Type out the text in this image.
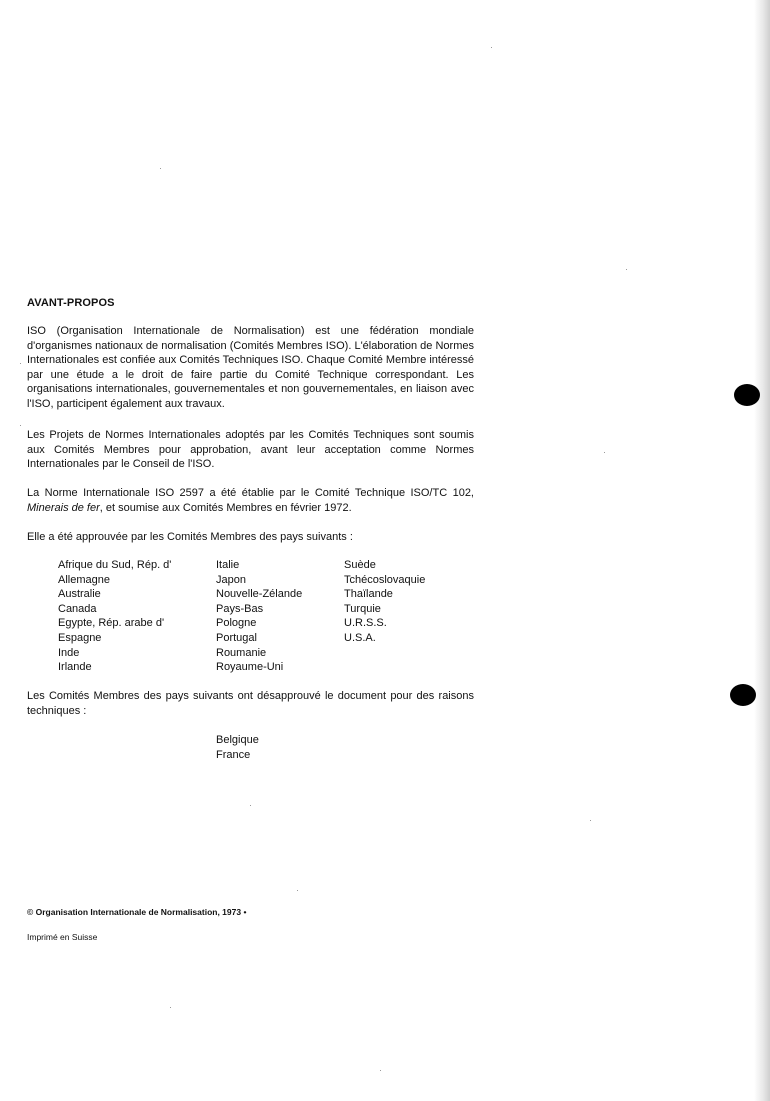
AVANT-PROPOS

ISO (Organisation Internationale de Normalisation) est une fédération mondiale d'organismes nationaux de normalisation (Comités Membres ISO). L'élaboration de Normes Internationales est confiée aux Comités Techniques ISO. Chaque Comité Membre intéressé par une étude a le droit de faire partie du Comité Technique correspondant. Les organisations internationales, gouvernementales et non gouvernementales, en liaison avec l'ISO, participent également aux travaux.

Les Projets de Normes Internationales adoptés par les Comités Techniques sont soumis aux Comités Membres pour approbation, avant leur acceptation comme Normes Internationales par le Conseil de l'ISO.

La Norme Internationale ISO 2597 a été établie par le Comité Technique ISO/TC 102, Minerais de fer, et soumise aux Comités Membres en février 1972.

Elle a été approuvée par les Comités Membres des pays suivants :

Afrique du Sud, Rép. d'
Allemagne
Australie
Canada
Egypte, Rép. arabe d'
Espagne
Inde
Irlande
Italie
Japon
Nouvelle-Zélande
Pays-Bas
Pologne
Portugal
Roumanie
Royaume-Uni
Suède
Tchécoslovaquie
Thaïlande
Turquie
U.R.S.S.
U.S.A.

Les Comités Membres des pays suivants ont désapprouvé le document pour des raisons techniques :

Belgique
France

© Organisation Internationale de Normalisation, 1973 •

Imprimé en Suisse
